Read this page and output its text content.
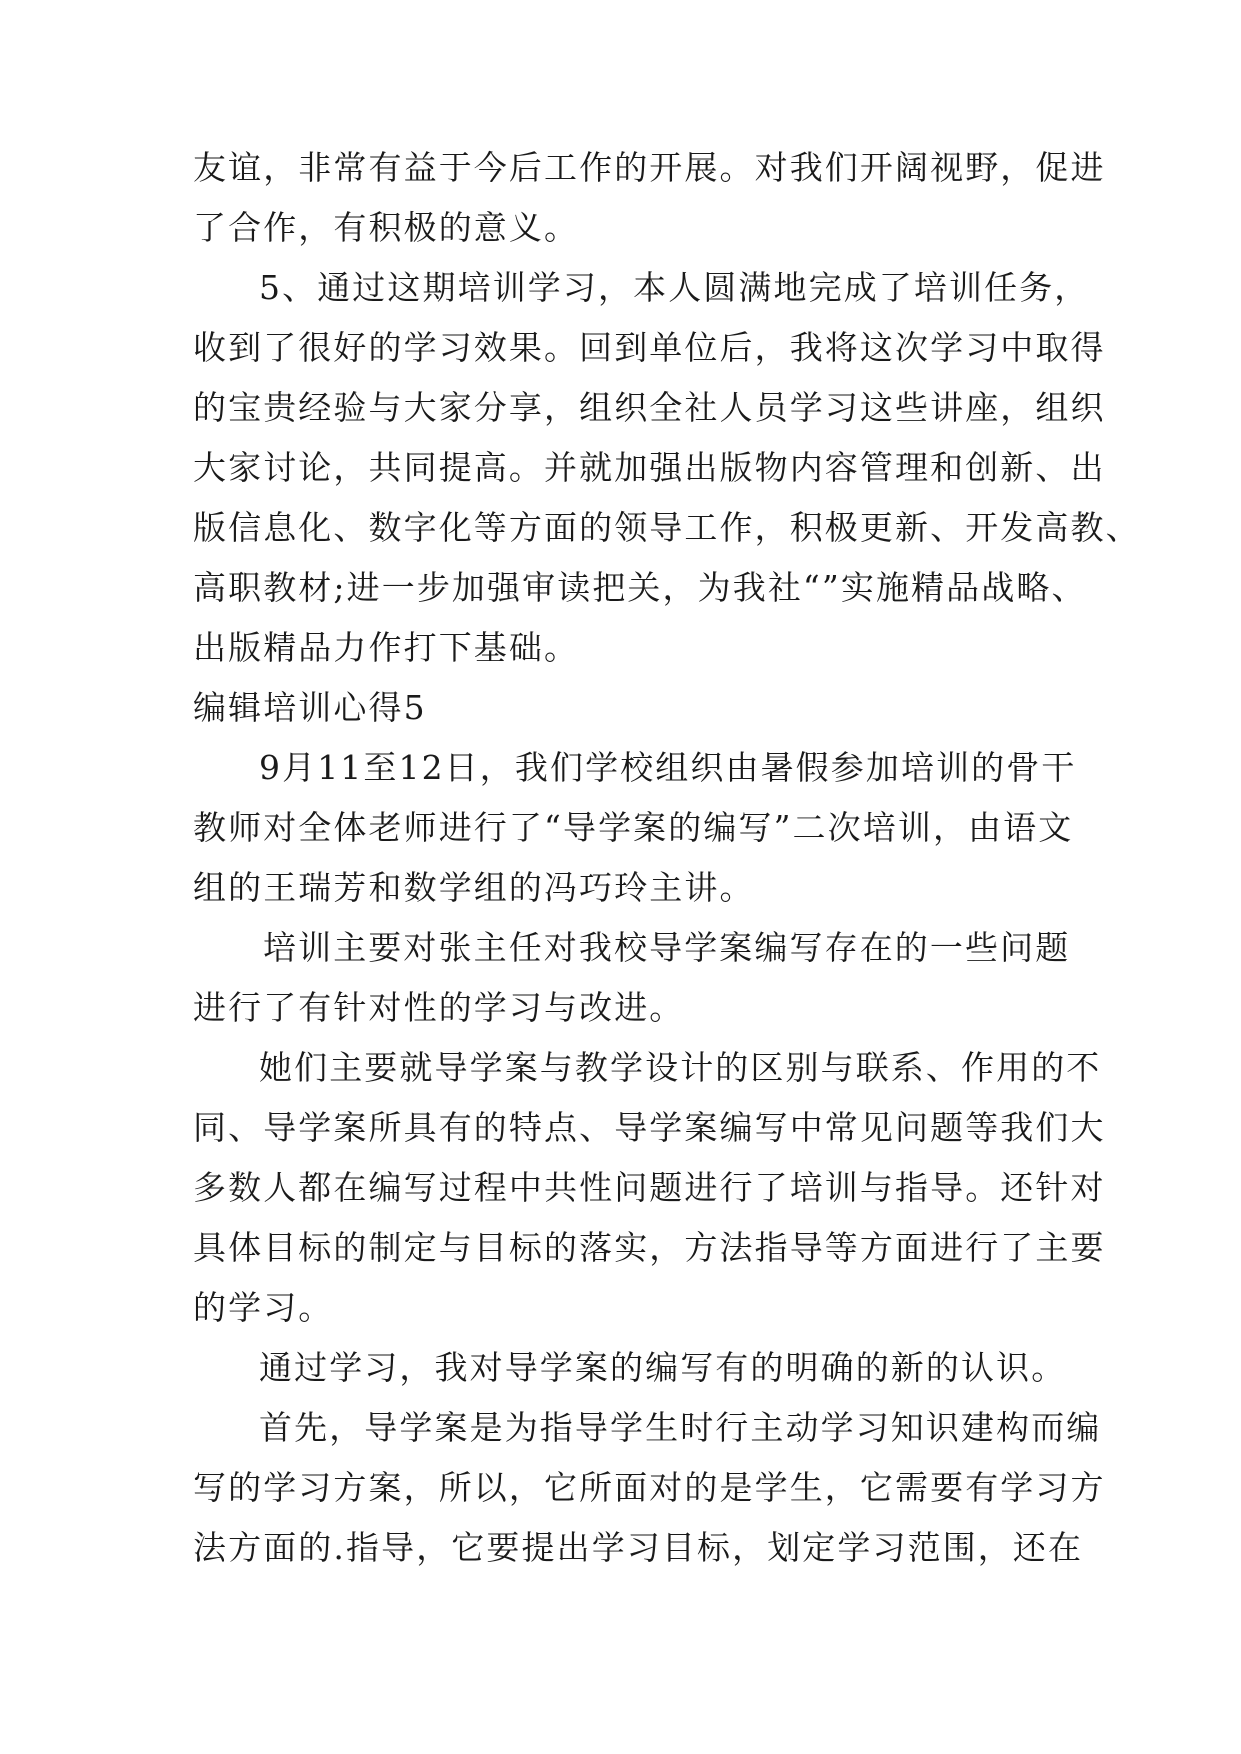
友谊，非常有益于今后工作的开展。对我们开阔视野，促进
了合作，有积极的意义。
5、通过这期培训学习，本人圆满地完成了培训任务，
收到了很好的学习效果。回到单位后，我将这次学习中取得
的宝贵经验与大家分享，组织全社人员学习这些讲座，组织
大家讨论，共同提高。并就加强出版物内容管理和创新、出
版信息化、数字化等方面的领导工作，积极更新、开发高教、
高职教材;进一步加强审读把关，为我社“”实施精品战略、
出版精品力作打下基础。
编辑培训心得5
9月11至12日，我们学校组织由暑假参加培训的骨干
教师对全体老师进行了“导学案的编写”二次培训，由语文
组的王瑞芳和数学组的冯巧玲主讲。
培训主要对张主任对我校导学案编写存在的一些问题
进行了有针对性的学习与改进。
她们主要就导学案与教学设计的区别与联系、作用的不
同、导学案所具有的特点、导学案编写中常见问题等我们大
多数人都在编写过程中共性问题进行了培训与指导。还针对
具体目标的制定与目标的落实，方法指导等方面进行了主要
的学习。
通过学习，我对导学案的编写有的明确的新的认识。
首先，导学案是为指导学生时行主动学习知识建构而编
写的学习方案，所以，它所面对的是学生，它需要有学习方
法方面的.指导，它要提出学习目标，划定学习范围，还在
